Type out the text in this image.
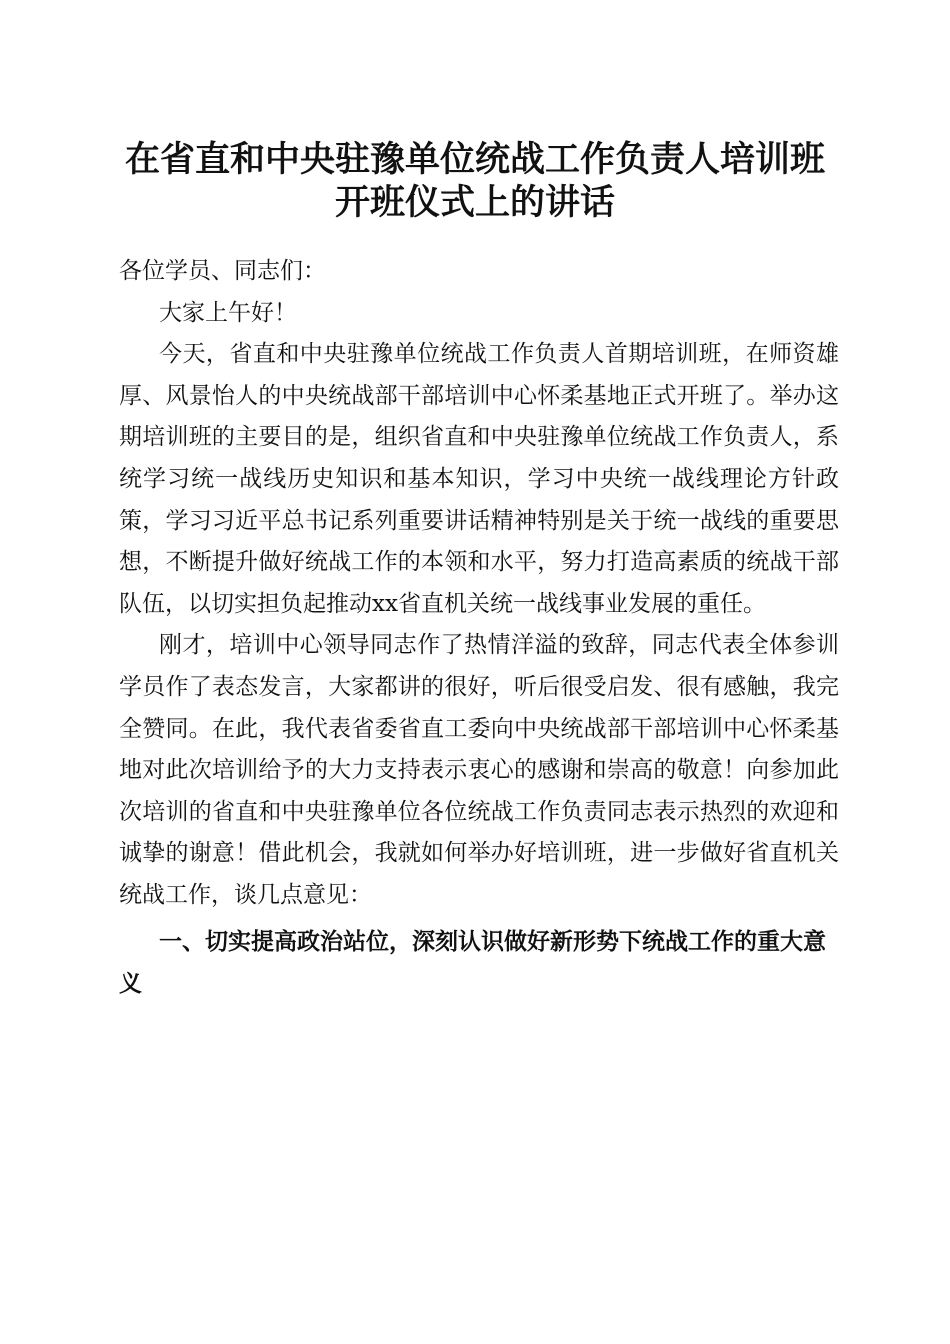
在省直和中央驻豫单位统战工作负责人培训班
开班仪式上的讲话

各位学员、同志们：

大家上午好！

今天，省直和中央驻豫单位统战工作负责人首期培训班，在师资雄厚、风景怡人的中央统战部干部培训中心怀柔基地正式开班了。举办这期培训班的主要目的是，组织省直和中央驻豫单位统战工作负责人，系统学习统一战线历史知识和基本知识，学习中央统一战线理论方针政策，学习习近平总书记系列重要讲话精神特别是关于统一战线的重要思想，不断提升做好统战工作的本领和水平，努力打造高素质的统战干部队伍，以切实担负起推动xx省直机关统一战线事业发展的重任。

刚才，培训中心领导同志作了热情洋溢的致辞，同志代表全体参训学员作了表态发言，大家都讲的很好，听后很受启发、很有感触，我完全赞同。在此，我代表省委省直工委向中央统战部干部培训中心怀柔基地对此次培训给予的大力支持表示衷心的感谢和崇高的敬意！向参加此次培训的省直和中央驻豫单位各位统战工作负责同志表示热烈的欢迎和诚挚的谢意！借此机会，我就如何举办好培训班，进一步做好省直机关统战工作，谈几点意见：

一、切实提高政治站位，深刻认识做好新形势下统战工作的重大意义
